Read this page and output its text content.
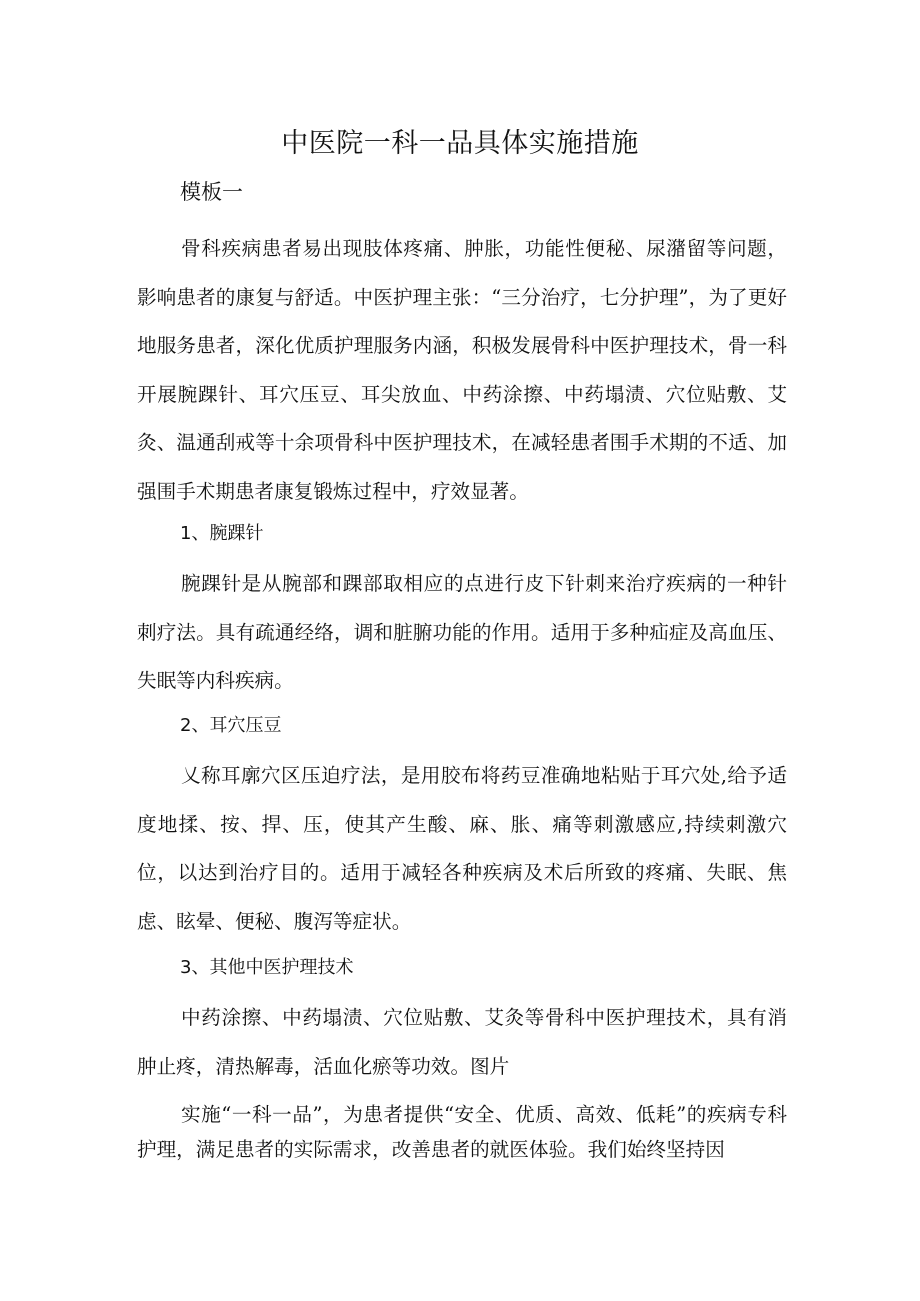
中医院一科一品具体实施措施
模板一

骨科疾病患者易出现肢体疼痛、肿胀，功能性便秘、尿潴留等问题，影响患者的康复与舒适。中医护理主张：“三分治疗，七分护理”，为了更好地服务患者，深化优质护理服务内涵，积极发展骨科中医护理技术，骨一科开展腕踝针、耳穴压豆、耳尖放血、中药涂擦、中药塌渍、穴位贴敷、艾灸、温通刮戒等十余项骨科中医护理技术，在减轻患者围手术期的不适、加强围手术期患者康复锻炼过程中，疗效显著。

1、腕踝针

腕踝针是从腕部和踝部取相应的点进行皮下针刺来治疗疾病的一种针刺疗法。具有疏通经络，调和脏腑功能的作用。适用于多种疝症及高血压、失眠等内科疾病。

2、耳穴压豆

乂称耳廓穴区压迫疗法，是用胶布将药豆准确地粘贴于耳穴处,给予适度地揉、按、捍、压，使其产生酸、麻、胀、痛等刺激感应,持续刺激穴位，以达到治疗目的。适用于减轻各种疾病及术后所致的疼痛、失眠、焦虑、眩晕、便秘、腹泻等症状。

3、其他中医护理技术

中药涂擦、中药塌渍、穴位贴敷、艾灸等骨科中医护理技术，具有消肿止疼，清热解毒，活血化瘀等功效。图片

实施“一科一品”，为患者提供“安全、优质、高效、低耗”的疾病专科护理，满足患者的实际需求，改善患者的就医体验。我们始终坚持因
